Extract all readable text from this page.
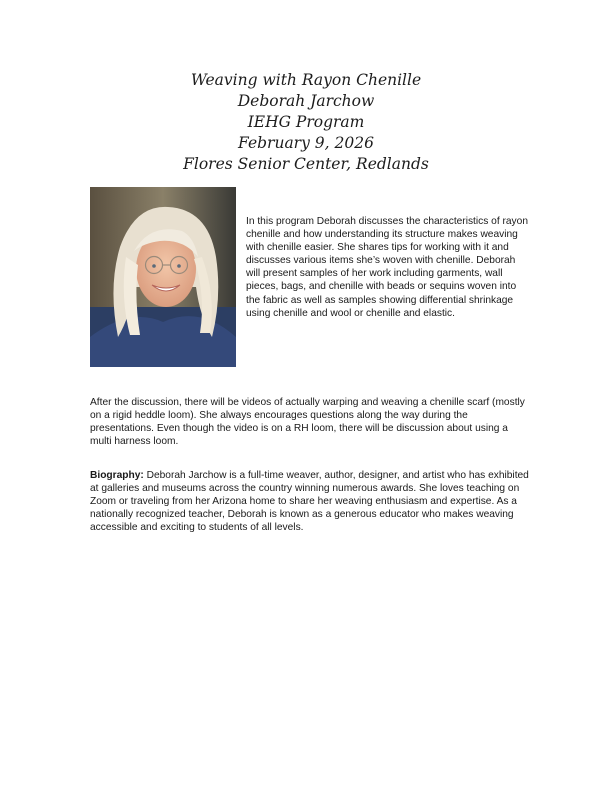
Weaving with Rayon Chenille
Deborah Jarchow
IEHG Program
February 9, 2026
Flores Senior Center, Redlands
In this program Deborah discusses the characteristics of rayon chenille and how understanding its structure makes weaving with chenille easier. She shares tips for working with it and discusses various items she’s woven with chenille. Deborah will present samples of her work including garments, wall pieces, bags, and chenille with beads or sequins woven into the fabric as well as samples showing differential shrinkage using chenille and wool or chenille and elastic.
After the discussion, there will be videos of actually warping and weaving a chenille scarf (mostly on a rigid heddle loom). She always encourages questions along the way during the presentations. Even though the video is on a RH loom, there will be discussion about using a multi harness loom.
Biography: Deborah Jarchow is a full-time weaver, author, designer, and artist who has exhibited at galleries and museums across the country winning numerous awards. She loves teaching on Zoom or traveling from her Arizona home to share her weaving enthusiasm and expertise. As a nationally recognized teacher, Deborah is known as a generous educator who makes weaving accessible and exciting to students of all levels.
